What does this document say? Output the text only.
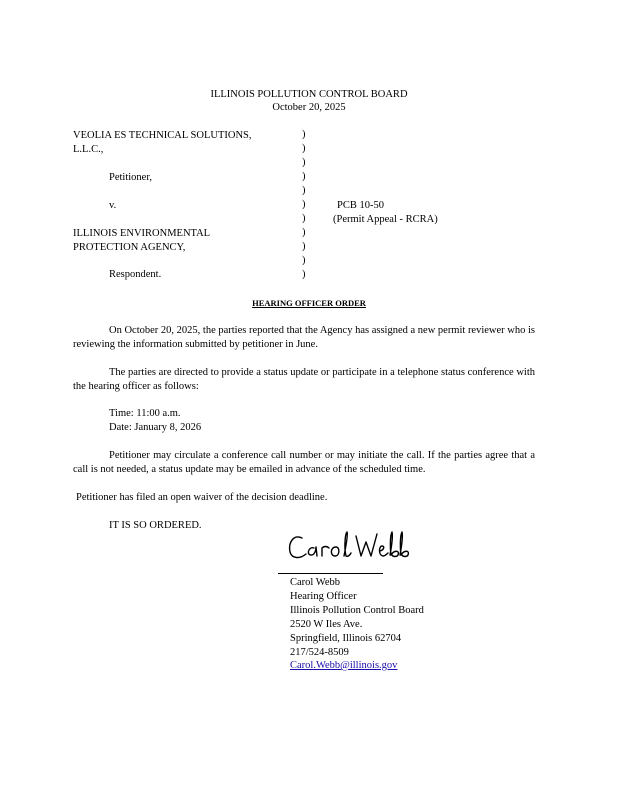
ILLINOIS POLLUTION CONTROL BOARD
October 20, 2025
VEOLIA ES TECHNICAL SOLUTIONS,
L.L.C.,
Petitioner,
v.
ILLINOIS ENVIRONMENTAL
PROTECTION AGENCY,
Respondent.
)
)
)
)
)
)
)
)
)
)
)
PCB 10-50
(Permit Appeal - RCRA)
HEARING OFFICER ORDER
On October 20, 2025, the parties reported that the Agency has assigned a new permit reviewer who is reviewing the information submitted by petitioner in June.
The parties are directed to provide a status update or participate in a telephone status conference with the hearing officer as follows:
Time: 11:00 a.m.
Date: January 8, 2026
Petitioner may circulate a conference call number or may initiate the call. If the parties agree that a call is not needed, a status update may be emailed in advance of the scheduled time.
Petitioner has filed an open waiver of the decision deadline.
IT IS SO ORDERED.
Carol Webb
Hearing Officer
Illinois Pollution Control Board
2520 W Iles Ave.
Springfield, Illinois 62704
217/524-8509
Carol.Webb@illinois.gov
